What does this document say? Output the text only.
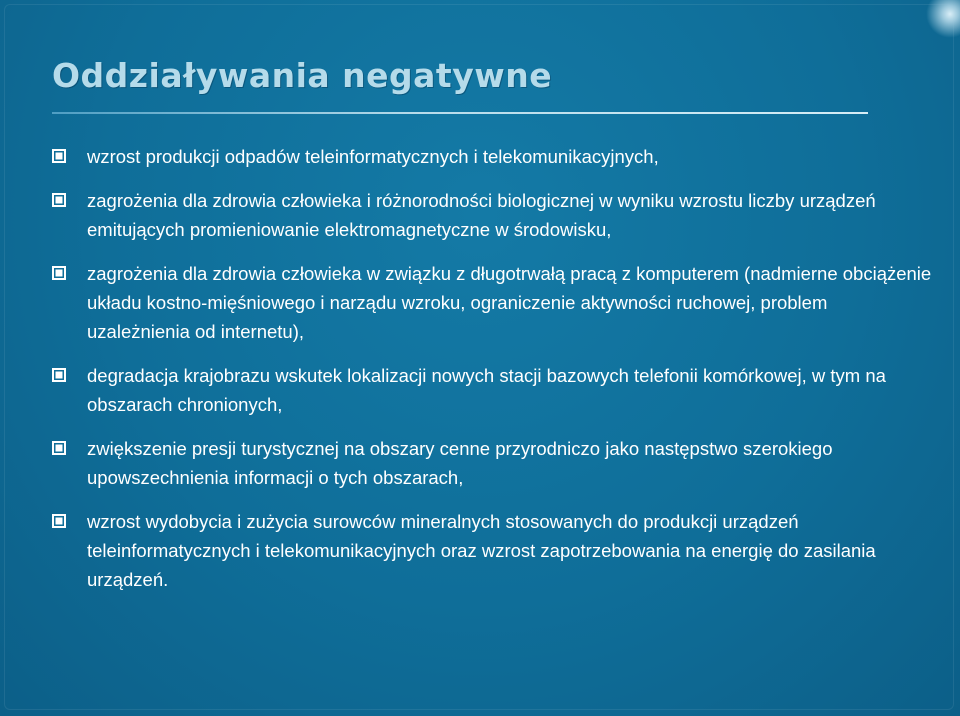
Oddziaływania negatywne
wzrost produkcji odpadów teleinformatycznych i telekomunikacyjnych,
zagrożenia dla zdrowia człowieka i różnorodności biologicznej w wyniku wzrostu liczby urządzeń emitujących promieniowanie elektromagnetyczne w środowisku,
zagrożenia dla zdrowia człowieka w związku z długotrwałą pracą z komputerem (nadmierne obciążenie układu kostno-mięśniowego i narządu wzroku, ograniczenie aktywności ruchowej, problem uzależnienia od internetu),
degradacja krajobrazu wskutek lokalizacji nowych stacji bazowych telefonii komórkowej, w tym na obszarach chronionych,
zwiększenie presji turystycznej na obszary cenne przyrodniczo jako następstwo szerokiego upowszechnienia informacji o tych obszarach,
wzrost wydobycia i zużycia surowców mineralnych stosowanych do produkcji urządzeń teleinformatycznych i telekomunikacyjnych oraz wzrost zapotrzebowania na energię do zasilania urządzeń.
